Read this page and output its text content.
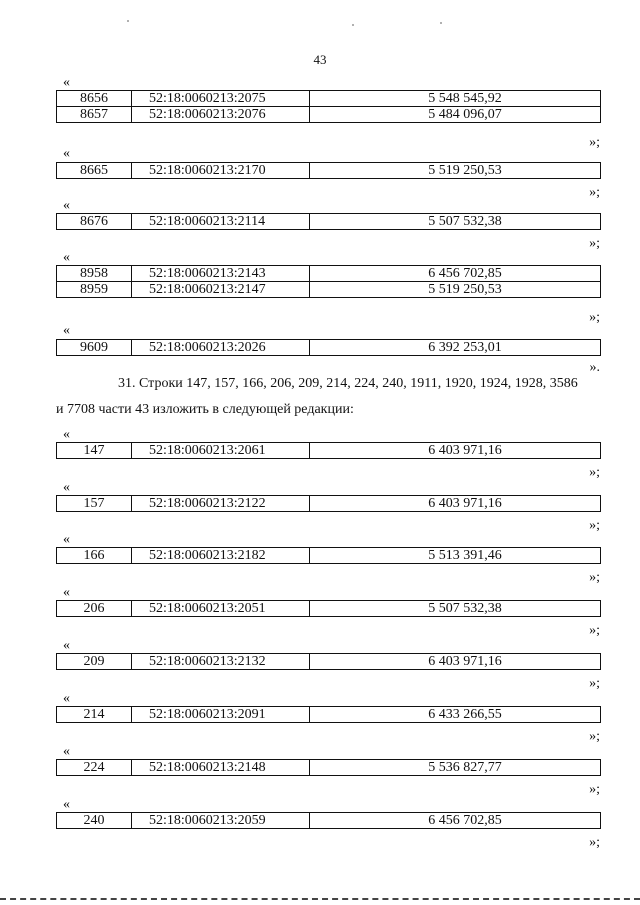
43
«
8656	52:18:0060213:2075	5 548 545,92
8657	52:18:0060213:2076	5 484 096,07
»;
«
8665	52:18:0060213:2170	5 519 250,53
»;
«
8676	52:18:0060213:2114	5 507 532,38
»;
«
8958	52:18:0060213:2143	6 456 702,85
8959	52:18:0060213:2147	5 519 250,53
»;
«
9609	52:18:0060213:2026	6 392 253,01
».
31. Строки 147, 157, 166, 206, 209, 214, 224, 240, 1911, 1920, 1924, 1928, 3586
и 7708 части 43 изложить в следующей редакции:
«
147	52:18:0060213:2061	6 403 971,16
»;
«
157	52:18:0060213:2122	6 403 971,16
»;
«
166	52:18:0060213:2182	5 513 391,46
»;
«
206	52:18:0060213:2051	5 507 532,38
»;
«
209	52:18:0060213:2132	6 403 971,16
»;
«
214	52:18:0060213:2091	6 433 266,55
»;
«
224	52:18:0060213:2148	5 536 827,77
»;
«
240	52:18:0060213:2059	6 456 702,85
»;
